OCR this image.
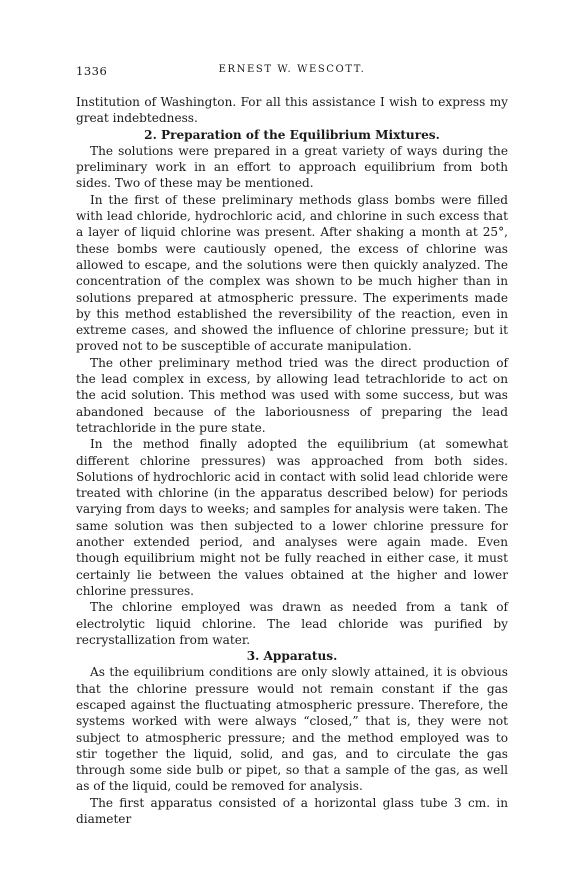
1336	ERNEST W. WESCOTT.

Institution of Washington. For all this assistance I wish to express my great indebtedness.

2. Preparation of the Equilibrium Mixtures.

The solutions were prepared in a great variety of ways during the preliminary work in an effort to approach equilibrium from both sides. Two of these may be mentioned.

In the first of these preliminary methods glass bombs were filled with lead chloride, hydrochloric acid, and chlorine in such excess that a layer of liquid chlorine was present. After shaking a month at 25°, these bombs were cautiously opened, the excess of chlorine was allowed to escape, and the solutions were then quickly analyzed. The concentration of the complex was shown to be much higher than in solutions prepared at atmospheric pressure. The experiments made by this method established the reversibility of the reaction, even in extreme cases, and showed the influence of chlorine pressure; but it proved not to be susceptible of accurate manipulation.

The other preliminary method tried was the direct production of the lead complex in excess, by allowing lead tetrachloride to act on the acid solution. This method was used with some success, but was abandoned because of the laboriousness of preparing the lead tetrachloride in the pure state.

In the method finally adopted the equilibrium (at somewhat different chlorine pressures) was approached from both sides. Solutions of hydrochloric acid in contact with solid lead chloride were treated with chlorine (in the apparatus described below) for periods varying from days to weeks; and samples for analysis were taken. The same solution was then subjected to a lower chlorine pressure for another extended period, and analyses were again made. Even though equilibrium might not be fully reached in either case, it must certainly lie between the values obtained at the higher and lower chlorine pressures.

The chlorine employed was drawn as needed from a tank of electrolytic liquid chlorine. The lead chloride was purified by recrystallization from water.

3. Apparatus.

As the equilibrium conditions are only slowly attained, it is obvious that the chlorine pressure would not remain constant if the gas escaped against the fluctuating atmospheric pressure. Therefore, the systems worked with were always “closed,” that is, they were not subject to atmospheric pressure; and the method employed was to stir together the liquid, solid, and gas, and to circulate the gas through some side bulb or pipet, so that a sample of the gas, as well as of the liquid, could be removed for analysis.

The first apparatus consisted of a horizontal glass tube 3 cm. in diameter
